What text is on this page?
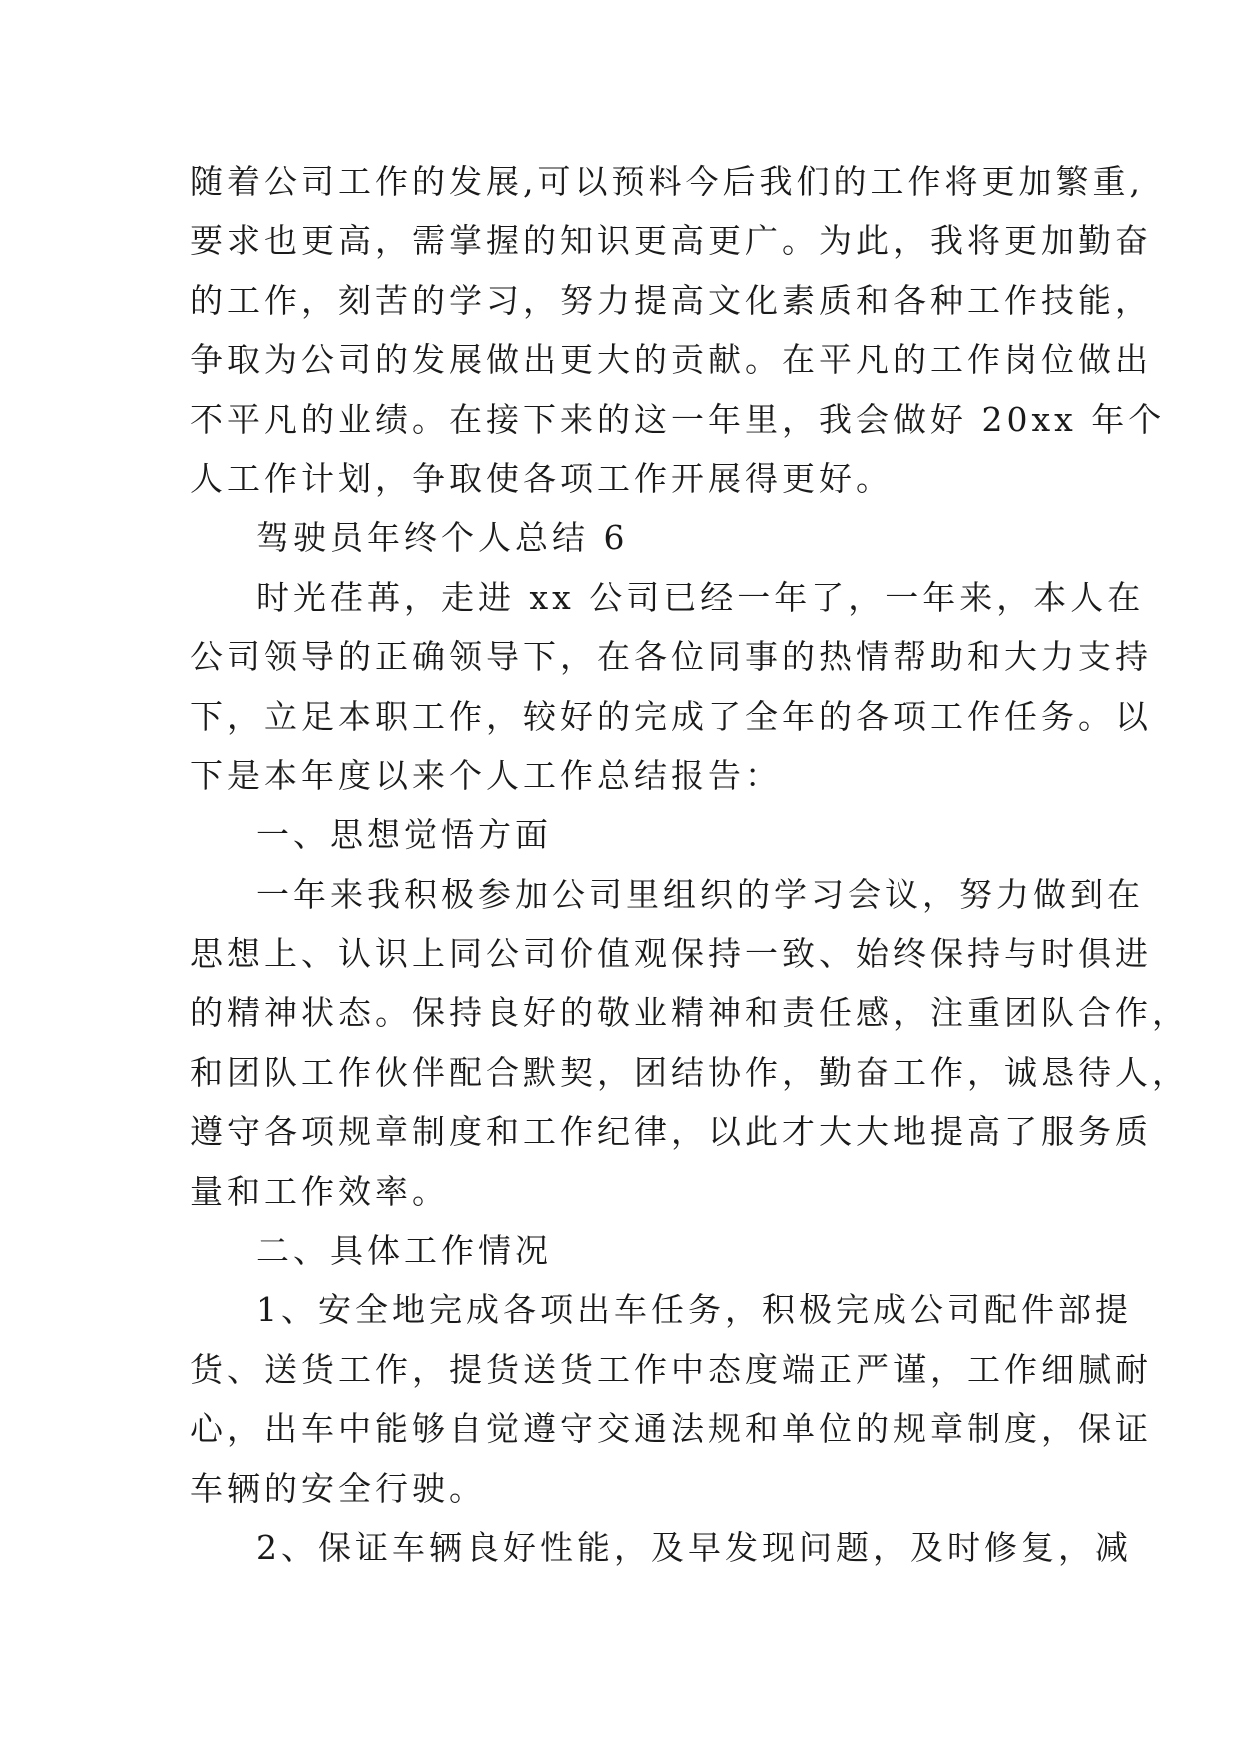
随着公司工作的发展,可以预料今后我们的工作将更加繁重,
要求也更高，需掌握的知识更高更广。为此，我将更加勤奋
的工作，刻苦的学习，努力提高文化素质和各种工作技能，
争取为公司的发展做出更大的贡献。在平凡的工作岗位做出
不平凡的业绩。在接下来的这一年里，我会做好 20xx 年个
人工作计划，争取使各项工作开展得更好。
驾驶员年终个人总结 6
时光荏苒，走进 xx 公司已经一年了，一年来，本人在
公司领导的正确领导下，在各位同事的热情帮助和大力支持
下，立足本职工作，较好的完成了全年的各项工作任务。以
下是本年度以来个人工作总结报告：
一、思想觉悟方面
一年来我积极参加公司里组织的学习会议，努力做到在
思想上、认识上同公司价值观保持一致、始终保持与时俱进
的精神状态。保持良好的敬业精神和责任感，注重团队合作，
和团队工作伙伴配合默契，团结协作，勤奋工作，诚恳待人，
遵守各项规章制度和工作纪律，以此才大大地提高了服务质
量和工作效率。
二、具体工作情况
1、安全地完成各项出车任务，积极完成公司配件部提
货、送货工作，提货送货工作中态度端正严谨，工作细腻耐
心，出车中能够自觉遵守交通法规和单位的规章制度，保证
车辆的安全行驶。
2、保证车辆良好性能，及早发现问题，及时修复，减
